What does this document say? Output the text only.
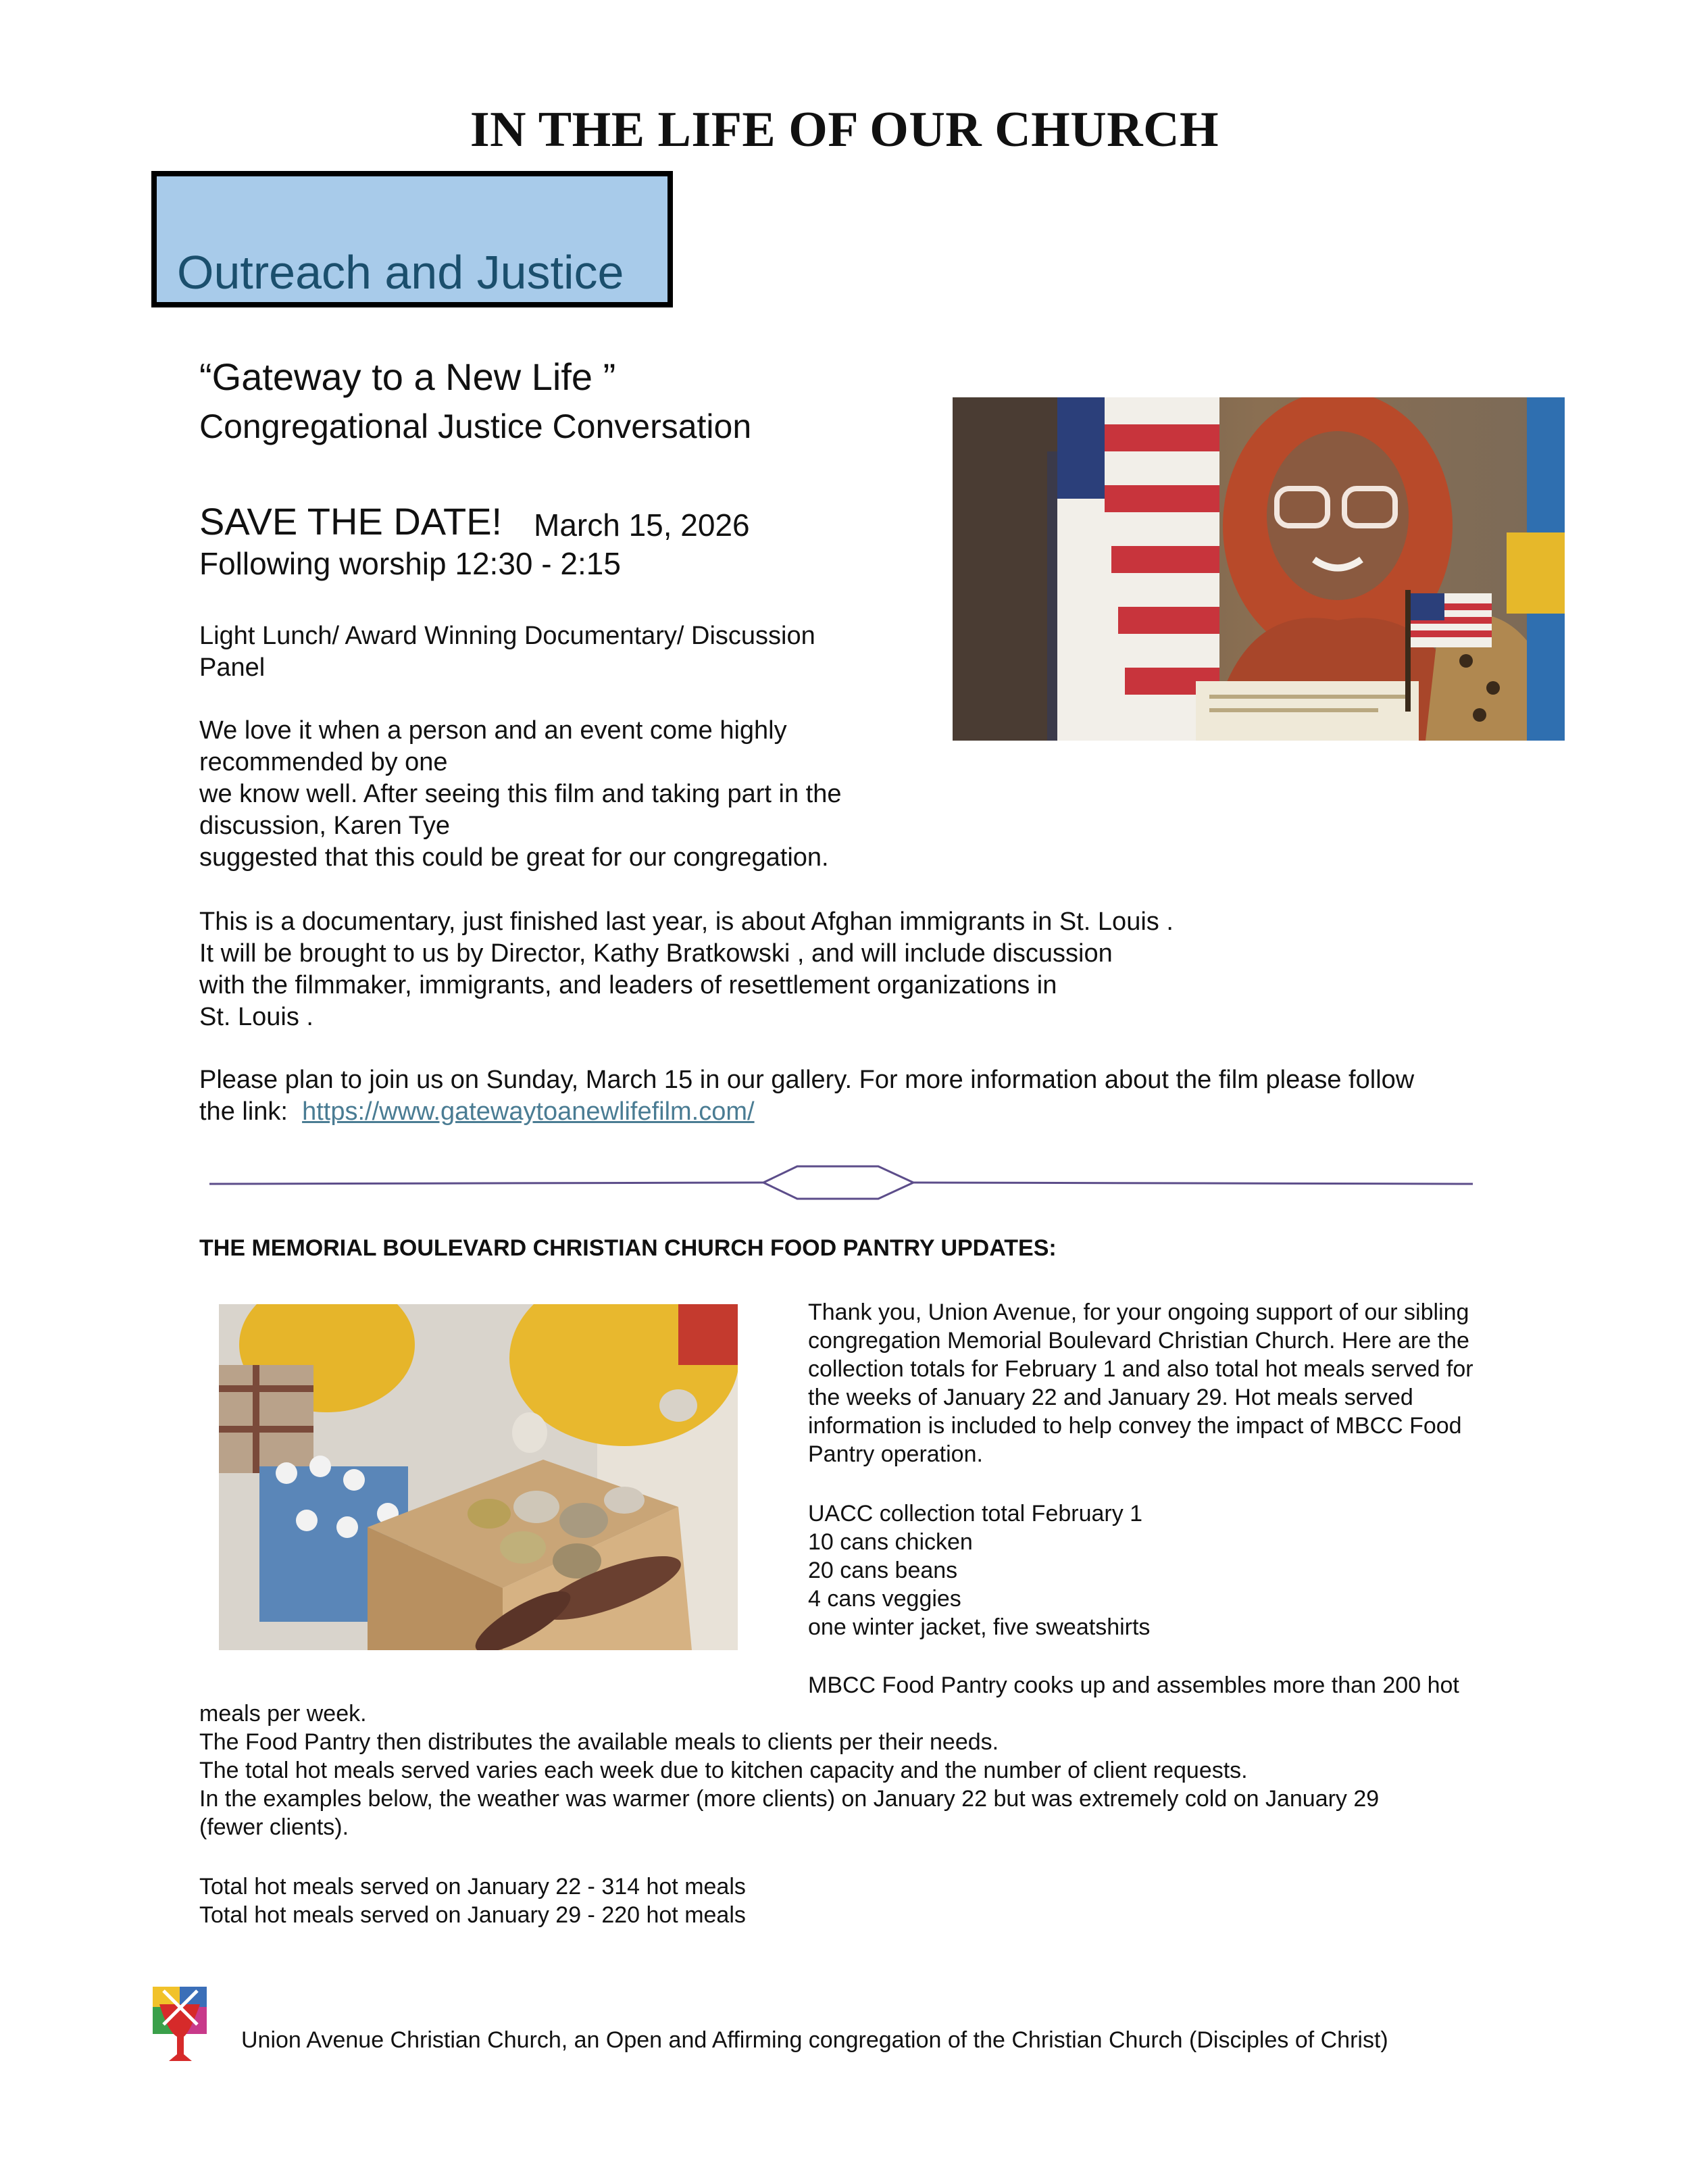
IN THE LIFE OF OUR CHURCH
Outreach and Justice
“Gateway to a New Life ”
Congregational Justice Conversation
SAVE THE DATE! March 15, 2026
Following worship 12:30 - 2:15
Light Lunch/ Award Winning Documentary/ Discussion
Panel
We love it when a person and an event come highly
recommended by one
we know well. After seeing this film and taking part in the
discussion, Karen Tye
suggested that this could be great for our congregation.
This is a documentary, just finished last year, is about Afghan immigrants in St. Louis .
It will be brought to us by Director, Kathy Bratkowski , and will include discussion
with the filmmaker, immigrants, and leaders of resettlement organizations in
St. Louis .
Please plan to join us on Sunday, March 15 in our gallery. For more information about the film please follow
the link: https://www.gatewaytoanewlifefilm.com/
THE MEMORIAL BOULEVARD CHRISTIAN CHURCH FOOD PANTRY UPDATES:
Thank you, Union Avenue, for your ongoing support of our sibling
congregation Memorial Boulevard Christian Church. Here are the
collection totals for February 1 and also total hot meals served for
the weeks of January 22 and January 29. Hot meals served
information is included to help convey the impact of MBCC Food
Pantry operation.
UACC collection total February 1
10 cans chicken
20 cans beans
4 cans veggies
one winter jacket, five sweatshirts
MBCC Food Pantry cooks up and assembles more than 200 hot
meals per week.
The Food Pantry then distributes the available meals to clients per their needs.
The total hot meals served varies each week due to kitchen capacity and the number of client requests.
In the examples below, the weather was warmer (more clients) on January 22 but was extremely cold on January 29
(fewer clients).
Total hot meals served on January 22 - 314 hot meals
Total hot meals served on January 29 - 220 hot meals
Union Avenue Christian Church, an Open and Affirming congregation of the Christian Church (Disciples of Christ)
